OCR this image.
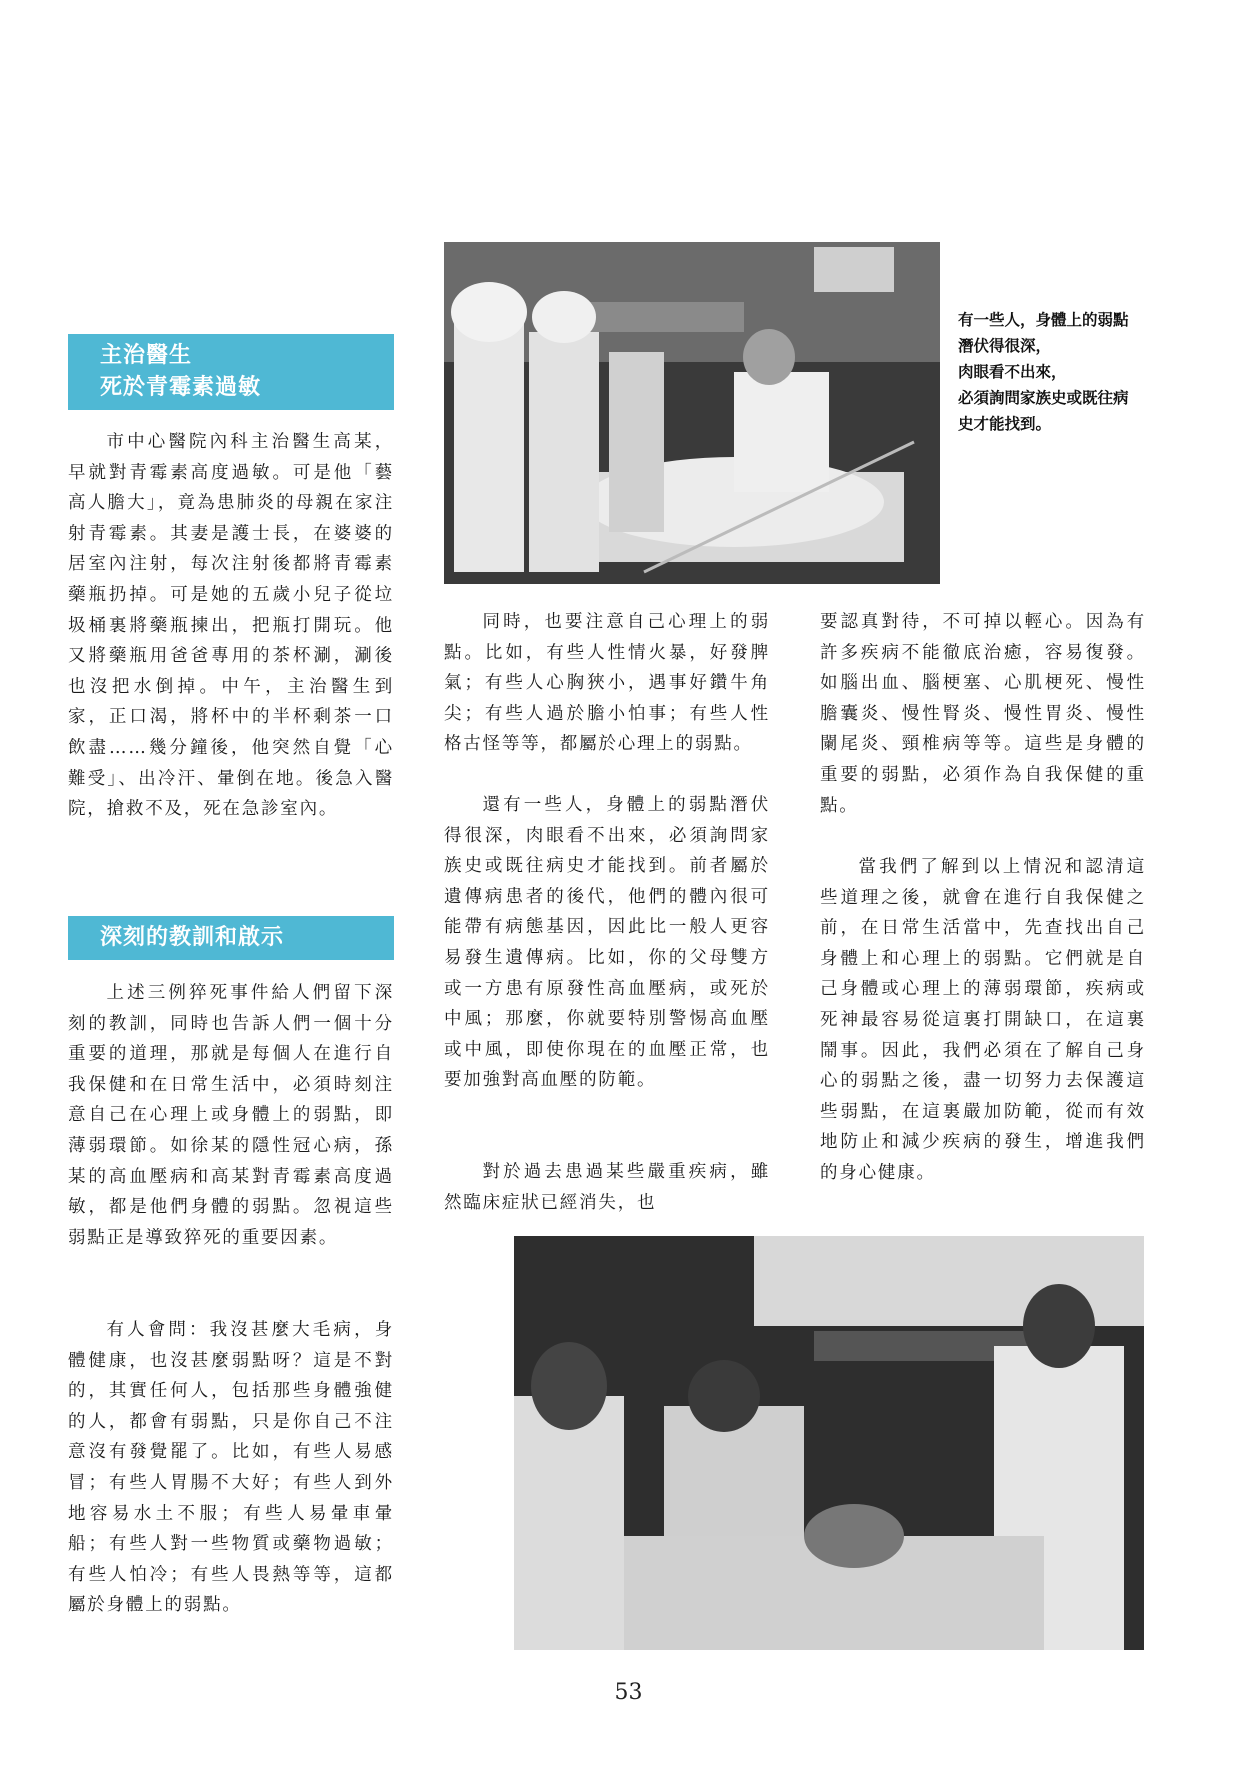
主治醫生
死於青霉素過敏

市中心醫院內科主治醫生高某，早就對青霉素高度過敏。可是他「藝高人膽大」，竟為患肺炎的母親在家注射青霉素。其妻是護士長，在婆婆的居室內注射，每次注射後都將青霉素藥瓶扔掉。可是她的五歲小兒子從垃圾桶裏將藥瓶揀出，把瓶打開玩。他又將藥瓶用爸爸專用的茶杯涮，涮後也沒把水倒掉。中午，主治醫生到家，正口渴，將杯中的半杯剩茶一口飲盡……幾分鐘後，他突然自覺「心難受」、出冷汗、暈倒在地。後急入醫院，搶救不及，死在急診室內。

深刻的教訓和啟示

上述三例猝死事件給人們留下深刻的教訓，同時也告訴人們一個十分重要的道理，那就是每個人在進行自我保健和在日常生活中，必須時刻注意自己在心理上或身體上的弱點，即薄弱環節。如徐某的隱性冠心病，孫某的高血壓病和高某對青霉素高度過敏，都是他們身體的弱點。忽視這些弱點正是導致猝死的重要因素。

有人會問：我沒甚麼大毛病，身體健康，也沒甚麼弱點呀？這是不對的，其實任何人，包括那些身體強健的人，都會有弱點，只是你自己不注意沒有發覺罷了。比如，有些人易感冒；有些人胃腸不大好；有些人到外地容易水土不服；有些人易暈車暈船；有些人對一些物質或藥物過敏；有些人怕冷；有些人畏熱等等，這都屬於身體上的弱點。

有一些人，身體上的弱點
潛伏得很深，
肉眼看不出來，
必須詢問家族史或既往病
史才能找到。

同時，也要注意自己心理上的弱點。比如，有些人性情火暴，好發脾氣；有些人心胸狹小，遇事好鑽牛角尖；有些人過於膽小怕事；有些人性格古怪等等，都屬於心理上的弱點。

還有一些人，身體上的弱點潛伏得很深，肉眼看不出來，必須詢問家族史或既往病史才能找到。前者屬於遺傳病患者的後代，他們的體內很可能帶有病態基因，因此比一般人更容易發生遺傳病。比如，你的父母雙方或一方患有原發性高血壓病，或死於中風；那麼，你就要特別警惕高血壓或中風，即使你現在的血壓正常，也要加強對高血壓的防範。

對於過去患過某些嚴重疾病，雖然臨床症狀已經消失，也

要認真對待，不可掉以輕心。因為有許多疾病不能徹底治癒，容易復發。如腦出血、腦梗塞、心肌梗死、慢性膽囊炎、慢性腎炎、慢性胃炎、慢性闌尾炎、頸椎病等等。這些是身體的重要的弱點，必須作為自我保健的重點。

當我們了解到以上情況和認清這些道理之後，就會在進行自我保健之前，在日常生活當中，先查找出自己身體上和心理上的弱點。它們就是自己身體或心理上的薄弱環節，疾病或死神最容易從這裏打開缺口，在這裏鬧事。因此，我們必須在了解自己身心的弱點之後，盡一切努力去保護這些弱點，在這裏嚴加防範，從而有效地防止和減少疾病的發生，增進我們的身心健康。

53
